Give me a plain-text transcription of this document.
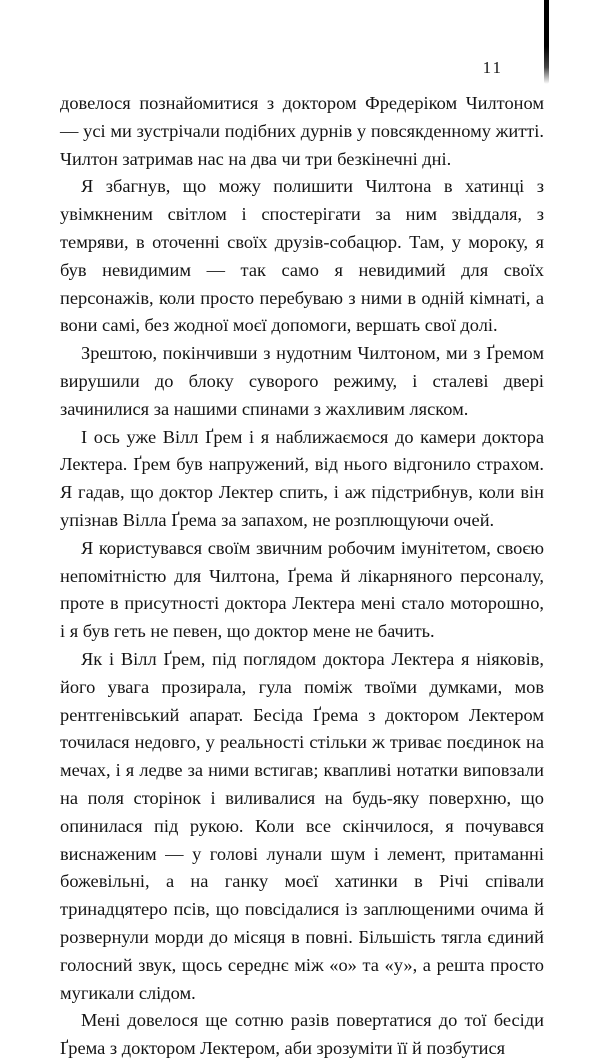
11

довелося познайомитися з доктором Фредеріком Чилтоном — усі ми зустрічали подібних дурнів у повсякденному житті. Чилтон затримав нас на два чи три безкінечні дні.

Я збагнув, що можу полишити Чилтона в хатинці з увімкненим світлом і спостерігати за ним звіддаля, з темряви, в оточенні своїх друзів-собацюр. Там, у мороку, я був невидимим — так само я невидимий для своїх персонажів, коли просто перебуваю з ними в одній кімнаті, а вони самі, без жодної моєї допомоги, вершать свої долі.

Зрештою, покінчивши з нудотним Чилтоном, ми з Ґремом вирушили до блоку суворого режиму, і сталеві двері зачинилися за нашими спинами з жахливим ляском.

І ось уже Вілл Ґрем і я наближаємося до камери доктора Лектера. Ґрем був напружений, від нього відгонило страхом. Я гадав, що доктор Лектер спить, і аж підстрибнув, коли він упізнав Вілла Ґрема за запахом, не розплющуючи очей.

Я користувався своїм звичним робочим імунітетом, своєю непомітністю для Чилтона, Ґрема й лікарняного персоналу, проте в присутності доктора Лектера мені стало моторошно, і я був геть не певен, що доктор мене не бачить.

Як і Вілл Ґрем, під поглядом доктора Лектера я ніяковів, його увага прозирала, гула поміж твоїми думками, мов рентгенівський апарат. Бесіда Ґрема з доктором Лектером точилася недовго, у реальності стільки ж триває поєдинок на мечах, і я ледве за ними встигав; квапливі нотатки виповзали на поля сторінок і виливалися на будь-яку поверхню, що опинилася під рукою. Коли все скінчилося, я почувався виснаженим — у голові лунали шум і лемент, притаманні божевільні, а на ганку моєї хатинки в Річі співали тринадцятеро псів, що повсідалися із заплющеними очима й розвернули морди до місяця в повні. Більшість тягла єдиний голосний звук, щось середнє між «о» та «у», а решта просто мугикали слідом.

Мені довелося ще сотню разів повертатися до тої бесіди Ґрема з доктором Лектером, аби зрозуміти її й позбутися
